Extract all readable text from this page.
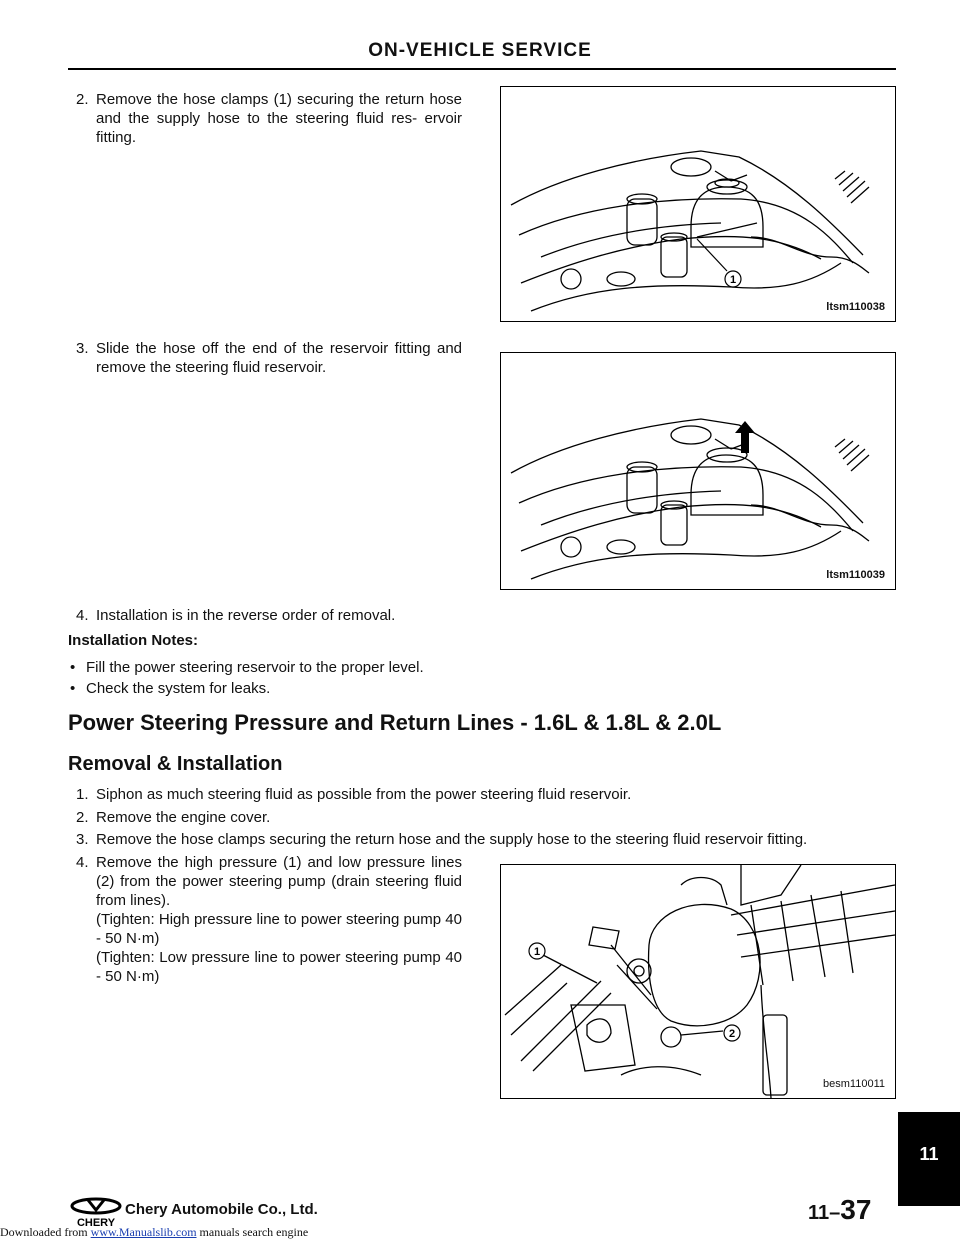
ON-VEHICLE SERVICE
2. Remove the hose clamps (1) securing the return hose and the supply hose to the steering fluid res- ervoir fitting.
1
ltsm110038
3. Slide the hose off the end of the reservoir fitting and remove the steering fluid reservoir.
ltsm110039
4. Installation is in the reverse order of removal.
Installation Notes:
• Fill the power steering reservoir to the proper level.
• Check the system for leaks.
Power Steering Pressure and Return Lines - 1.6L & 1.8L & 2.0L
Removal & Installation
1. Siphon as much steering fluid as possible from the power steering fluid reservoir.
2. Remove the engine cover.
3. Remove the hose clamps securing the return hose and the supply hose to the steering fluid reservoir fitting.
4. Remove the high pressure (1) and low pressure lines (2) from the power steering pump (drain steering fluid from lines).
(Tighten: High pressure line to power steering pump 40 - 50 N·m)
(Tighten: Low pressure line to power steering pump 40 - 50 N·m)
1
2
besm110011
11
CHERY
Chery Automobile Co., Ltd.	11–37
Downloaded from www.Manualslib.com manuals search engine
